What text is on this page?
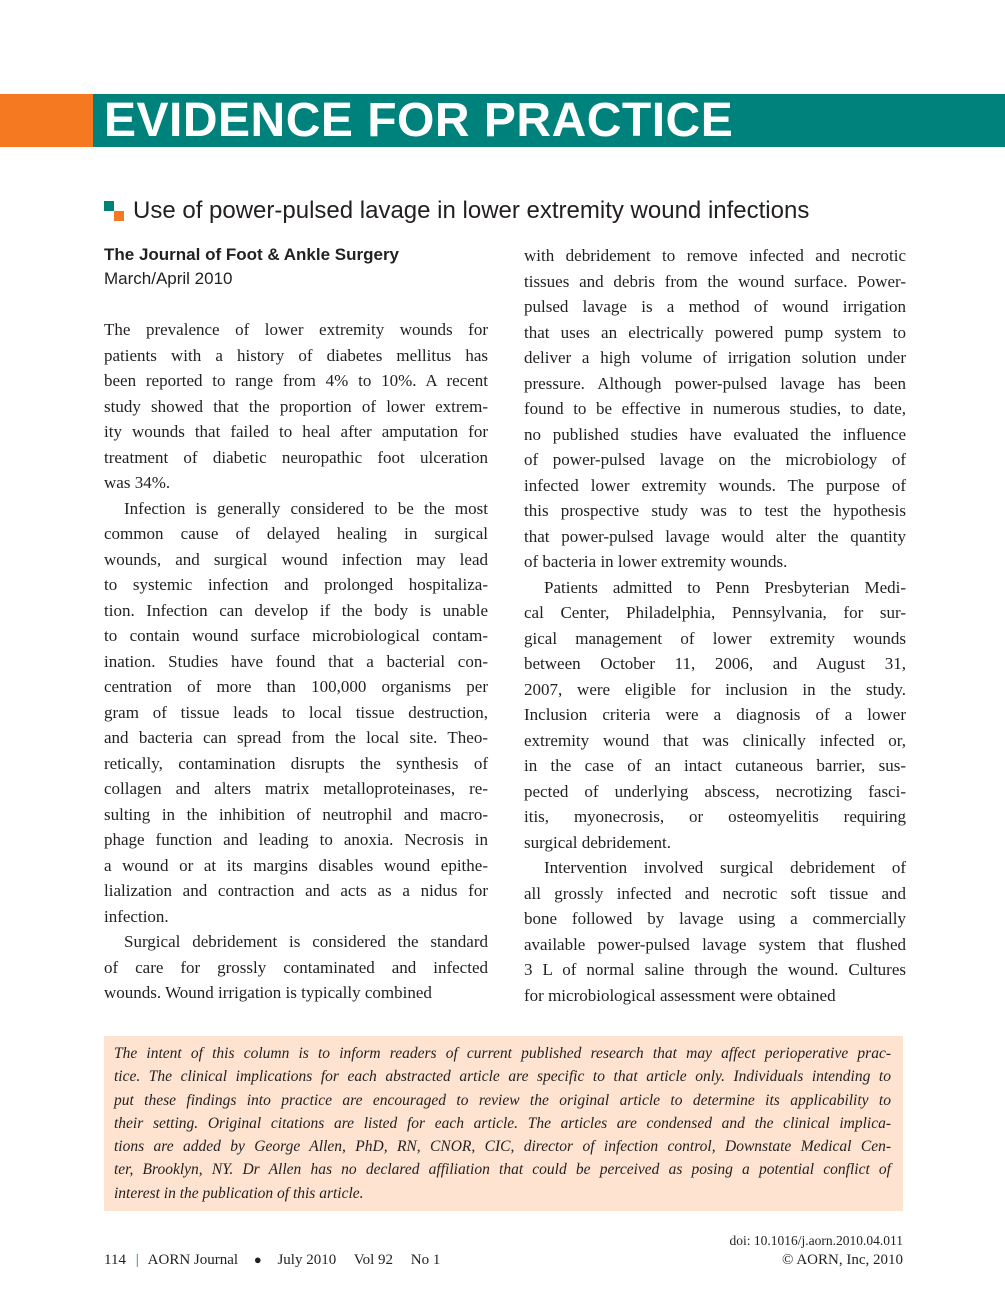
EVIDENCE FOR PRACTICE
Use of power-pulsed lavage in lower extremity wound infections
The Journal of Foot & Ankle Surgery
March/April 2010
The prevalence of lower extremity wounds for
patients with a history of diabetes mellitus has
been reported to range from 4% to 10%. A recent
study showed that the proportion of lower extrem-
ity wounds that failed to heal after amputation for
treatment of diabetic neuropathic foot ulceration
was 34%.
Infection is generally considered to be the most
common cause of delayed healing in surgical
wounds, and surgical wound infection may lead
to systemic infection and prolonged hospitaliza-
tion. Infection can develop if the body is unable
to contain wound surface microbiological contam-
ination. Studies have found that a bacterial con-
centration of more than 100,000 organisms per
gram of tissue leads to local tissue destruction,
and bacteria can spread from the local site. Theo-
retically, contamination disrupts the synthesis of
collagen and alters matrix metalloproteinases, re-
sulting in the inhibition of neutrophil and macro-
phage function and leading to anoxia. Necrosis in
a wound or at its margins disables wound epithe-
lialization and contraction and acts as a nidus for
infection.
Surgical debridement is considered the standard
of care for grossly contaminated and infected
wounds. Wound irrigation is typically combined
with debridement to remove infected and necrotic
tissues and debris from the wound surface. Power-
pulsed lavage is a method of wound irrigation
that uses an electrically powered pump system to
deliver a high volume of irrigation solution under
pressure. Although power-pulsed lavage has been
found to be effective in numerous studies, to date,
no published studies have evaluated the influence
of power-pulsed lavage on the microbiology of
infected lower extremity wounds. The purpose of
this prospective study was to test the hypothesis
that power-pulsed lavage would alter the quantity
of bacteria in lower extremity wounds.
Patients admitted to Penn Presbyterian Medi-
cal Center, Philadelphia, Pennsylvania, for sur-
gical management of lower extremity wounds
between October 11, 2006, and August 31,
2007, were eligible for inclusion in the study.
Inclusion criteria were a diagnosis of a lower
extremity wound that was clinically infected or,
in the case of an intact cutaneous barrier, sus-
pected of underlying abscess, necrotizing fasci-
itis, myonecrosis, or osteomyelitis requiring
surgical debridement.
Intervention involved surgical debridement of
all grossly infected and necrotic soft tissue and
bone followed by lavage using a commercially
available power-pulsed lavage system that flushed
3 L of normal saline through the wound. Cultures
for microbiological assessment were obtained
The intent of this column is to inform readers of current published research that may affect perioperative prac-
tice. The clinical implications for each abstracted article are specific to that article only. Individuals intending to
put these findings into practice are encouraged to review the original article to determine its applicability to
their setting. Original citations are listed for each article. The articles are condensed and the clinical implica-
tions are added by George Allen, PhD, RN, CNOR, CIC, director of infection control, Downstate Medical Cen-
ter, Brooklyn, NY. Dr Allen has no declared affiliation that could be perceived as posing a potential conflict of
interest in the publication of this article.
114 | AORN Journal ● July 2010 Vol 92 No 1
doi: 10.1016/j.aorn.2010.04.011
© AORN, Inc, 2010
